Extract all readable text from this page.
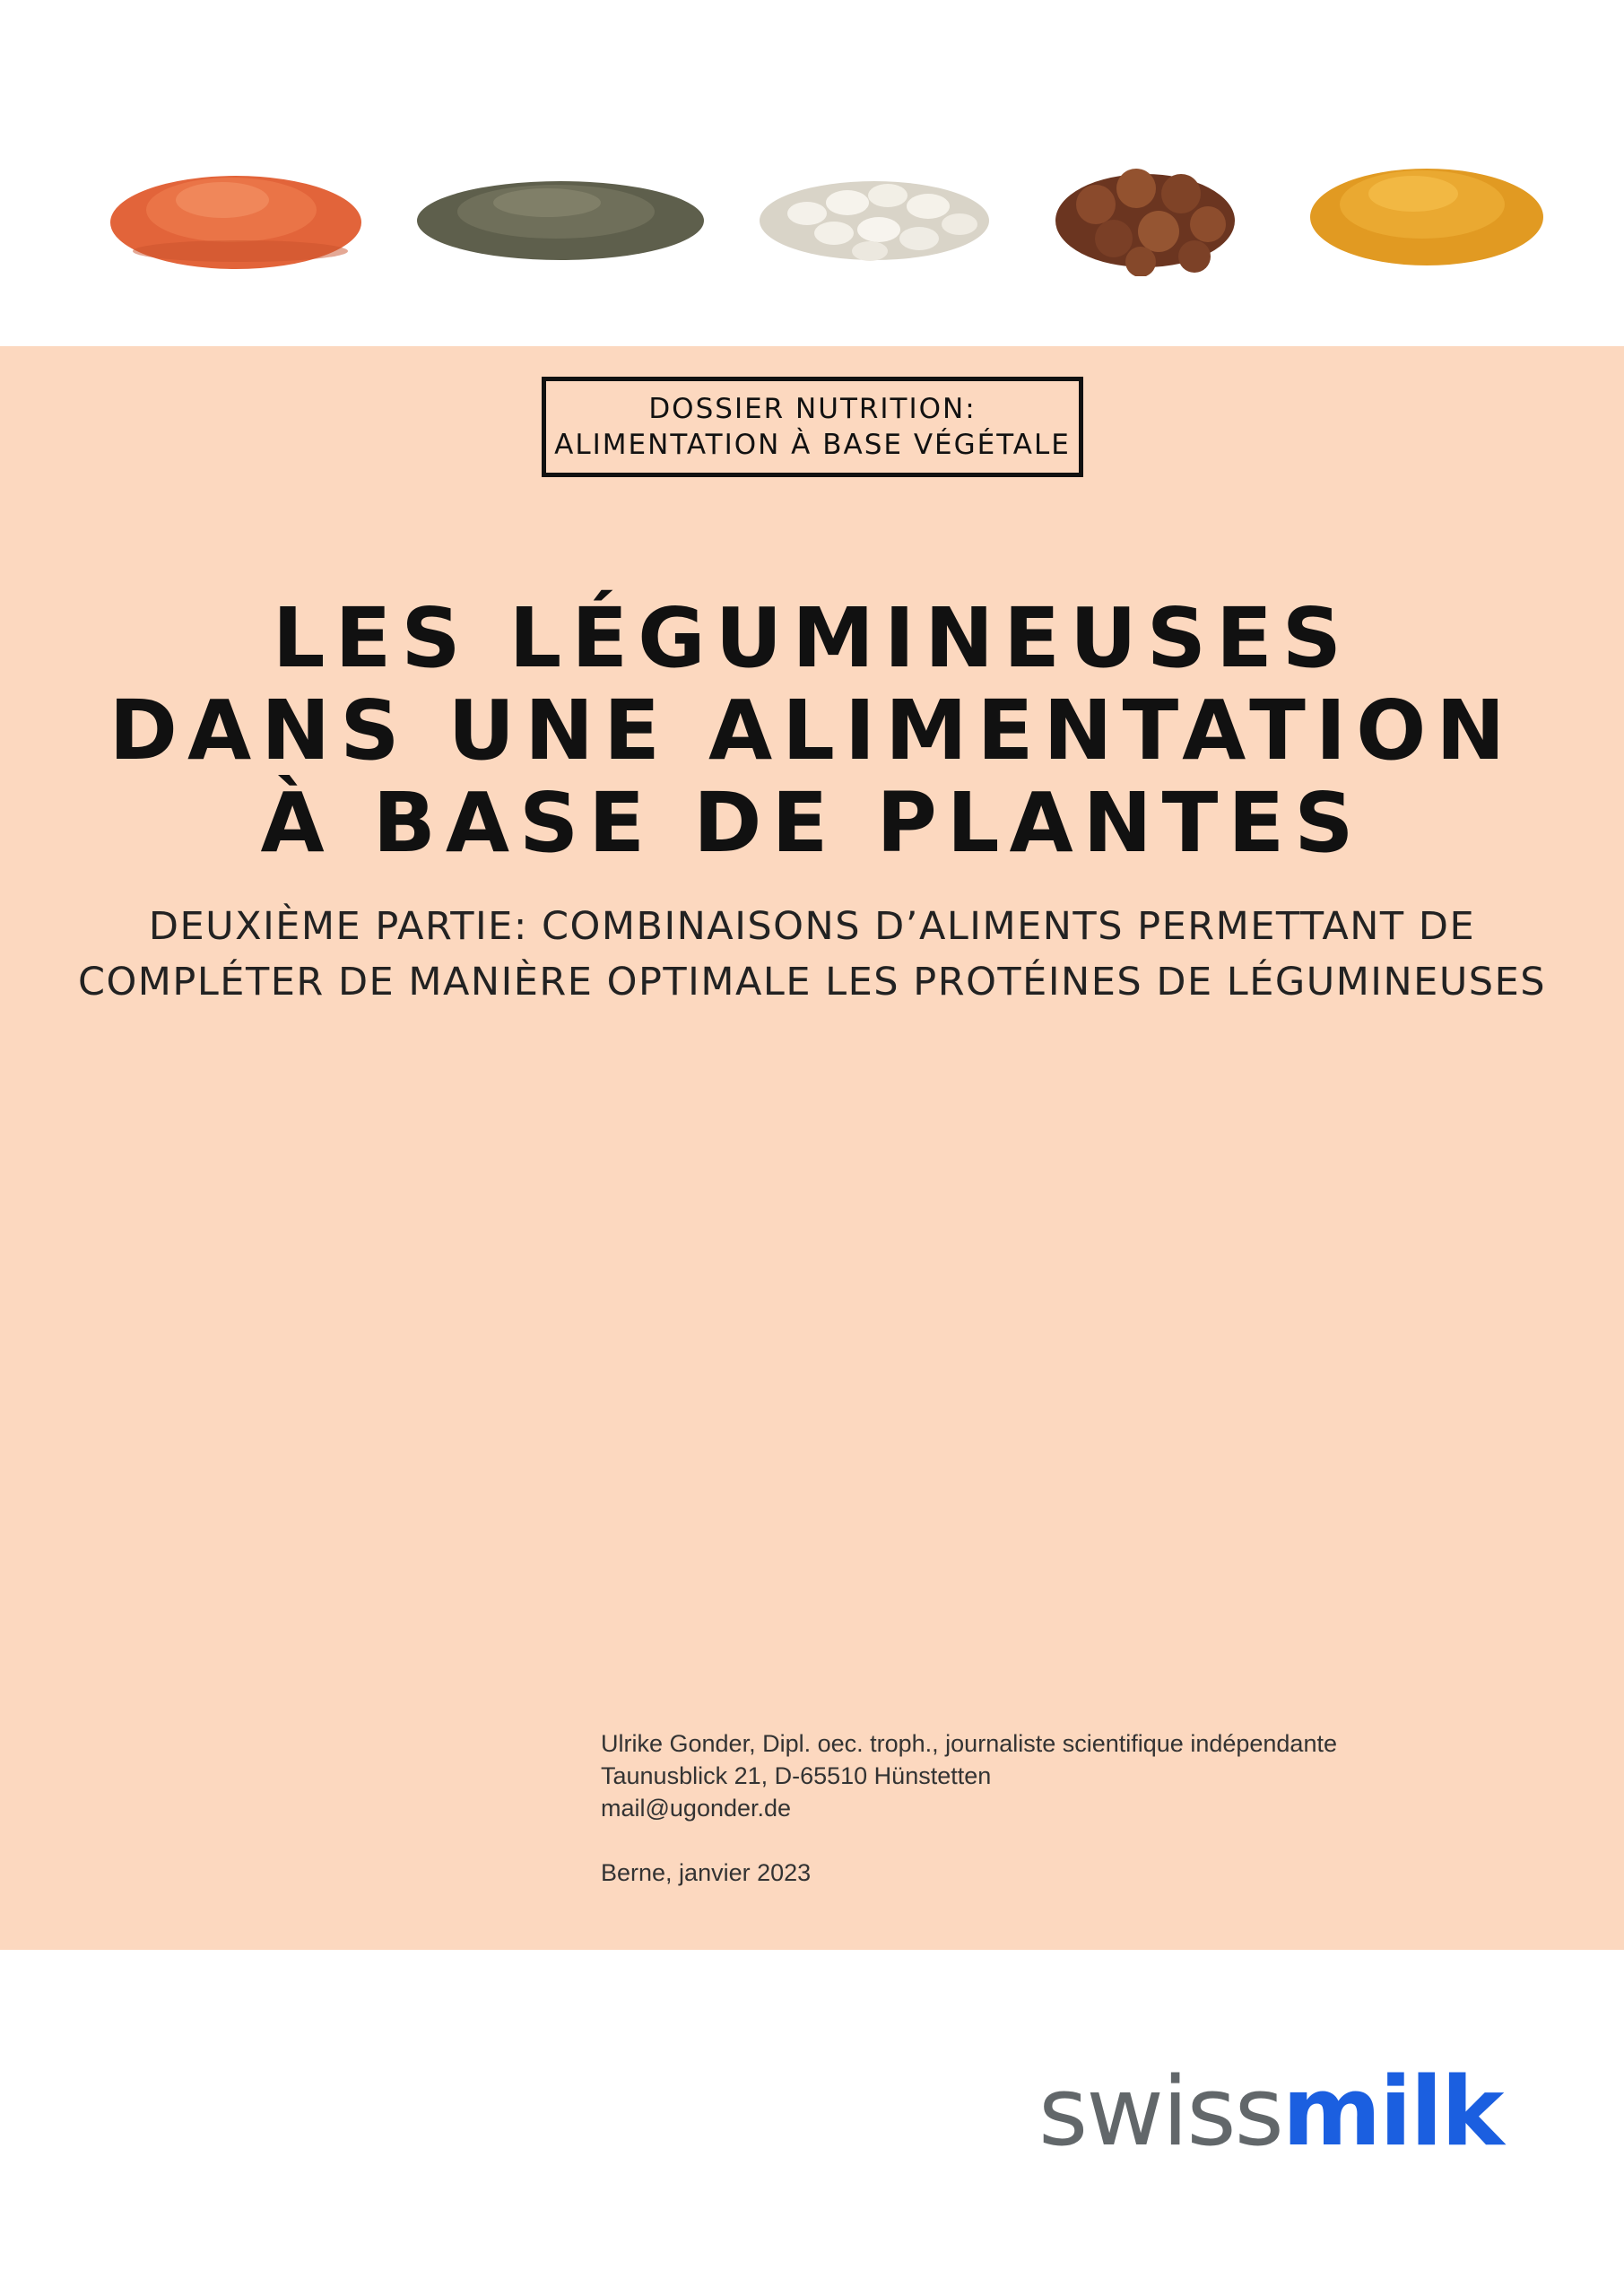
DOSSIER NUTRITION:
ALIMENTATION À BASE VÉGÉTALE
LES LÉGUMINEUSES
DANS UNE ALIMENTATION
À BASE DE PLANTES
DEUXIÈME PARTIE: COMBINAISONS D’ALIMENTS PERMETTANT DE
COMPLÉTER DE MANIÈRE OPTIMALE LES PROTÉINES DE LÉGUMINEUSES
Ulrike Gonder, Dipl. oec. troph., journaliste scientifique indépendante
Taunusblick 21, D-65510 Hünstetten
mail@ugonder.de
Berne, janvier 2023
swissmilk
